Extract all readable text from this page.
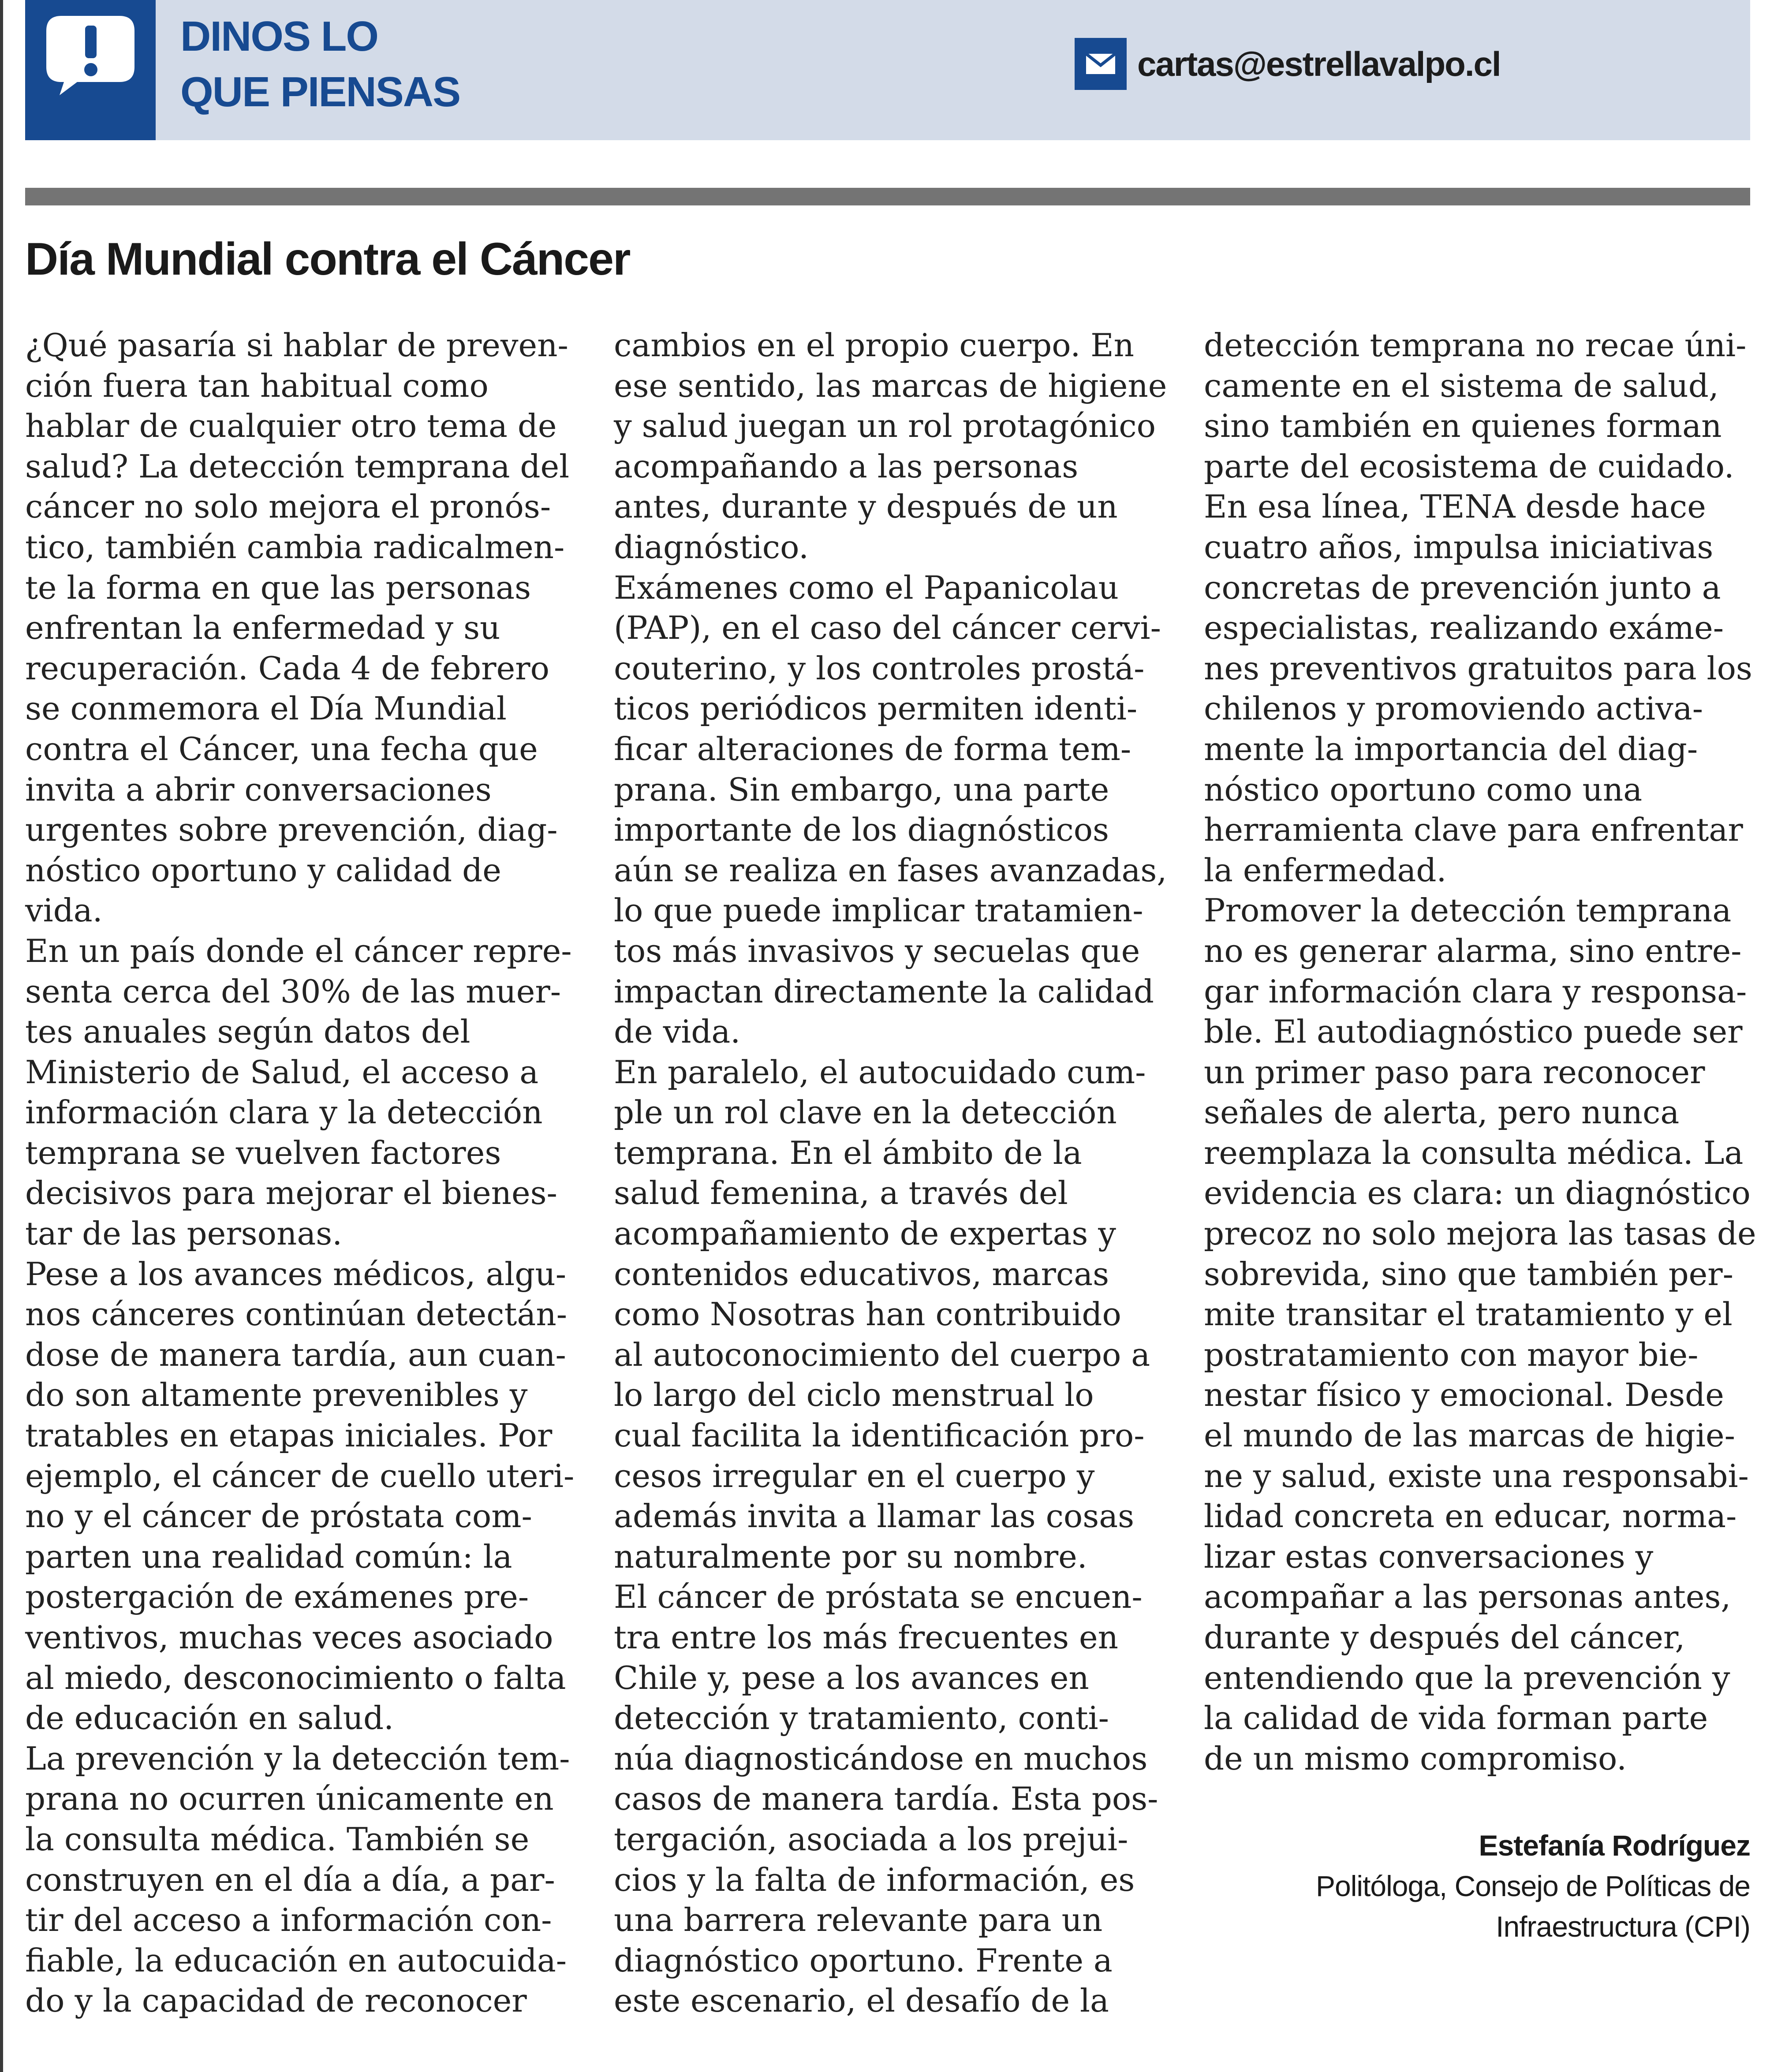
DINOS LO
QUE PIENSAS
cartas@estrellavalpo.cl
Día Mundial contra el Cáncer

¿Qué pasaría si hablar de preven-
ción fuera tan habitual como
hablar de cualquier otro tema de
salud? La detección temprana del
cáncer no solo mejora el pronós-
tico, también cambia radicalmen-
te la forma en que las personas
enfrentan la enfermedad y su
recuperación. Cada 4 de febrero
se conmemora el Día Mundial
contra el Cáncer, una fecha que
invita a abrir conversaciones
urgentes sobre prevención, diag-
nóstico oportuno y calidad de
vida.

En un país donde el cáncer repre-
senta cerca del 30% de las muer-
tes anuales según datos del
Ministerio de Salud, el acceso a
información clara y la detección
temprana se vuelven factores
decisivos para mejorar el bienes-
tar de las personas.

Pese a los avances médicos, algu-
nos cánceres continúan detectán-
dose de manera tardía, aun cuan-
do son altamente prevenibles y
tratables en etapas iniciales. Por
ejemplo, el cáncer de cuello uteri-
no y el cáncer de próstata com-
parten una realidad común: la
postergación de exámenes pre-
ventivos, muchas veces asociado
al miedo, desconocimiento o falta
de educación en salud.

La prevención y la detección tem-
prana no ocurren únicamente en
la consulta médica. También se
construyen en el día a día, a par-
tir del acceso a información con-
fiable, la educación en autocuida-
do y la capacidad de reconocer

cambios en el propio cuerpo. En
ese sentido, las marcas de higiene
y salud juegan un rol protagónico
acompañando a las personas
antes, durante y después de un
diagnóstico.

Exámenes como el Papanicolau
(PAP), en el caso del cáncer cervi-
couterino, y los controles prostá-
ticos periódicos permiten identi-
ficar alteraciones de forma tem-
prana. Sin embargo, una parte
importante de los diagnósticos
aún se realiza en fases avanzadas,
lo que puede implicar tratamien-
tos más invasivos y secuelas que
impactan directamente la calidad
de vida.

En paralelo, el autocuidado cum-
ple un rol clave en la detección
temprana. En el ámbito de la
salud femenina, a través del
acompañamiento de expertas y
contenidos educativos, marcas
como Nosotras han contribuido
al autoconocimiento del cuerpo a
lo largo del ciclo menstrual lo
cual facilita la identificación pro-
cesos irregular en el cuerpo y
además invita a llamar las cosas
naturalmente por su nombre.

El cáncer de próstata se encuen-
tra entre los más frecuentes en
Chile y, pese a los avances en
detección y tratamiento, conti-
núa diagnosticándose en muchos
casos de manera tardía. Esta pos-
tergación, asociada a los prejui-
cios y la falta de información, es
una barrera relevante para un
diagnóstico oportuno. Frente a
este escenario, el desafío de la

detección temprana no recae úni-
camente en el sistema de salud,
sino también en quienes forman
parte del ecosistema de cuidado.
En esa línea, TENA desde hace
cuatro años, impulsa iniciativas
concretas de prevención junto a
especialistas, realizando exáme-
nes preventivos gratuitos para los
chilenos y promoviendo activa-
mente la importancia del diag-
nóstico oportuno como una
herramienta clave para enfrentar
la enfermedad.

Promover la detección temprana
no es generar alarma, sino entre-
gar información clara y responsa-
ble. El autodiagnóstico puede ser
un primer paso para reconocer
señales de alerta, pero nunca
reemplaza la consulta médica. La
evidencia es clara: un diagnóstico
precoz no solo mejora las tasas de
sobrevida, sino que también per-
mite transitar el tratamiento y el
postratamiento con mayor bie-
nestar físico y emocional. Desde
el mundo de las marcas de higie-
ne y salud, existe una responsabi-
lidad concreta en educar, norma-
lizar estas conversaciones y
acompañar a las personas antes,
durante y después del cáncer,
entendiendo que la prevención y
la calidad de vida forman parte
de un mismo compromiso.

Estefanía Rodríguez
Politóloga, Consejo de Políticas de
Infraestructura (CPI)
